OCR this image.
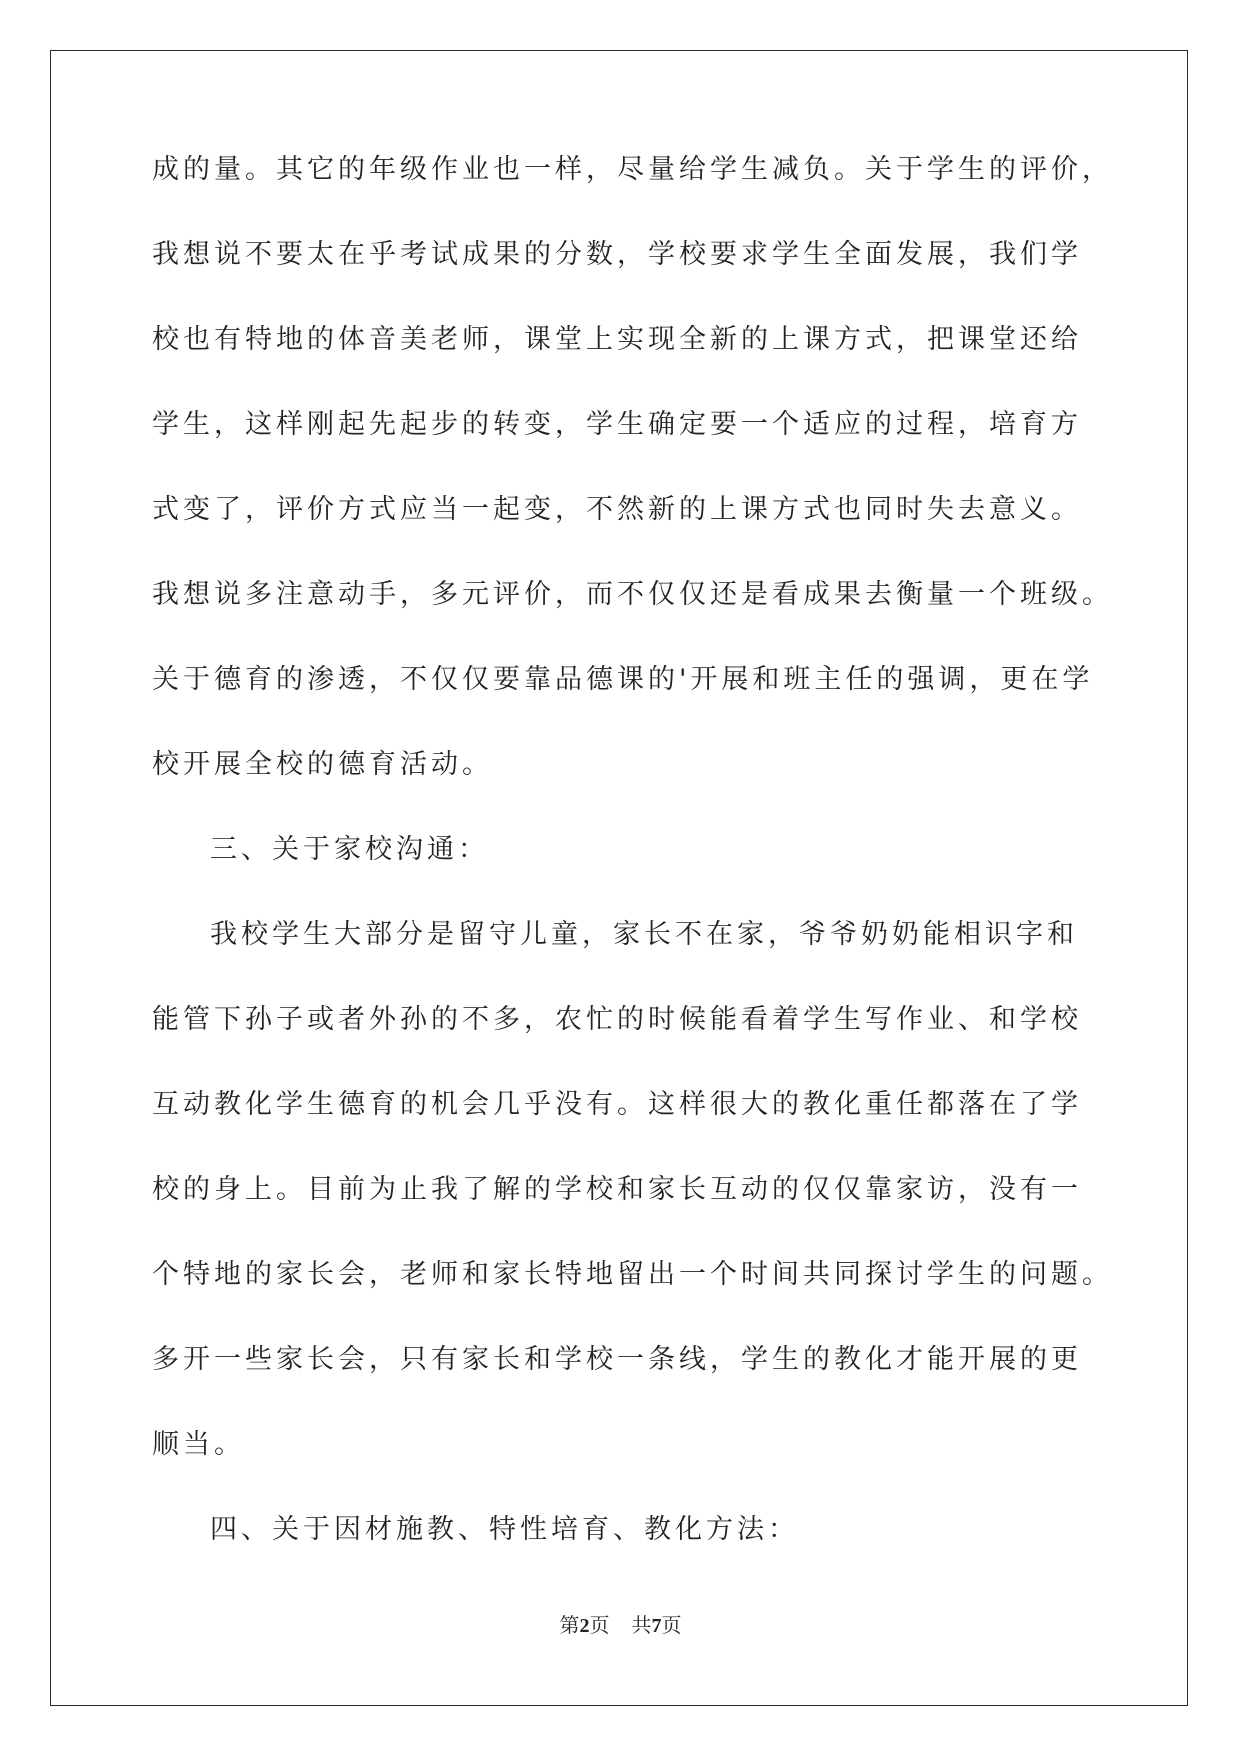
成的量。其它的年级作业也一样，尽量给学生减负。关于学生的评价，
我想说不要太在乎考试成果的分数，学校要求学生全面发展，我们学
校也有特地的体音美老师，课堂上实现全新的上课方式，把课堂还给
学生，这样刚起先起步的转变，学生确定要一个适应的过程，培育方
式变了，评价方式应当一起变，不然新的上课方式也同时失去意义。
我想说多注意动手，多元评价，而不仅仅还是看成果去衡量一个班级。
关于德育的渗透，不仅仅要靠品德课的'开展和班主任的强调，更在学
校开展全校的德育活动。
三、关于家校沟通：
我校学生大部分是留守儿童，家长不在家，爷爷奶奶能相识字和
能管下孙子或者外孙的不多，农忙的时候能看着学生写作业、和学校
互动教化学生德育的机会几乎没有。这样很大的教化重任都落在了学
校的身上。目前为止我了解的学校和家长互动的仅仅靠家访，没有一
个特地的家长会，老师和家长特地留出一个时间共同探讨学生的问题。
多开一些家长会，只有家长和学校一条线，学生的教化才能开展的更
顺当。
四、关于因材施教、特性培育、教化方法：
第2页 共7页
